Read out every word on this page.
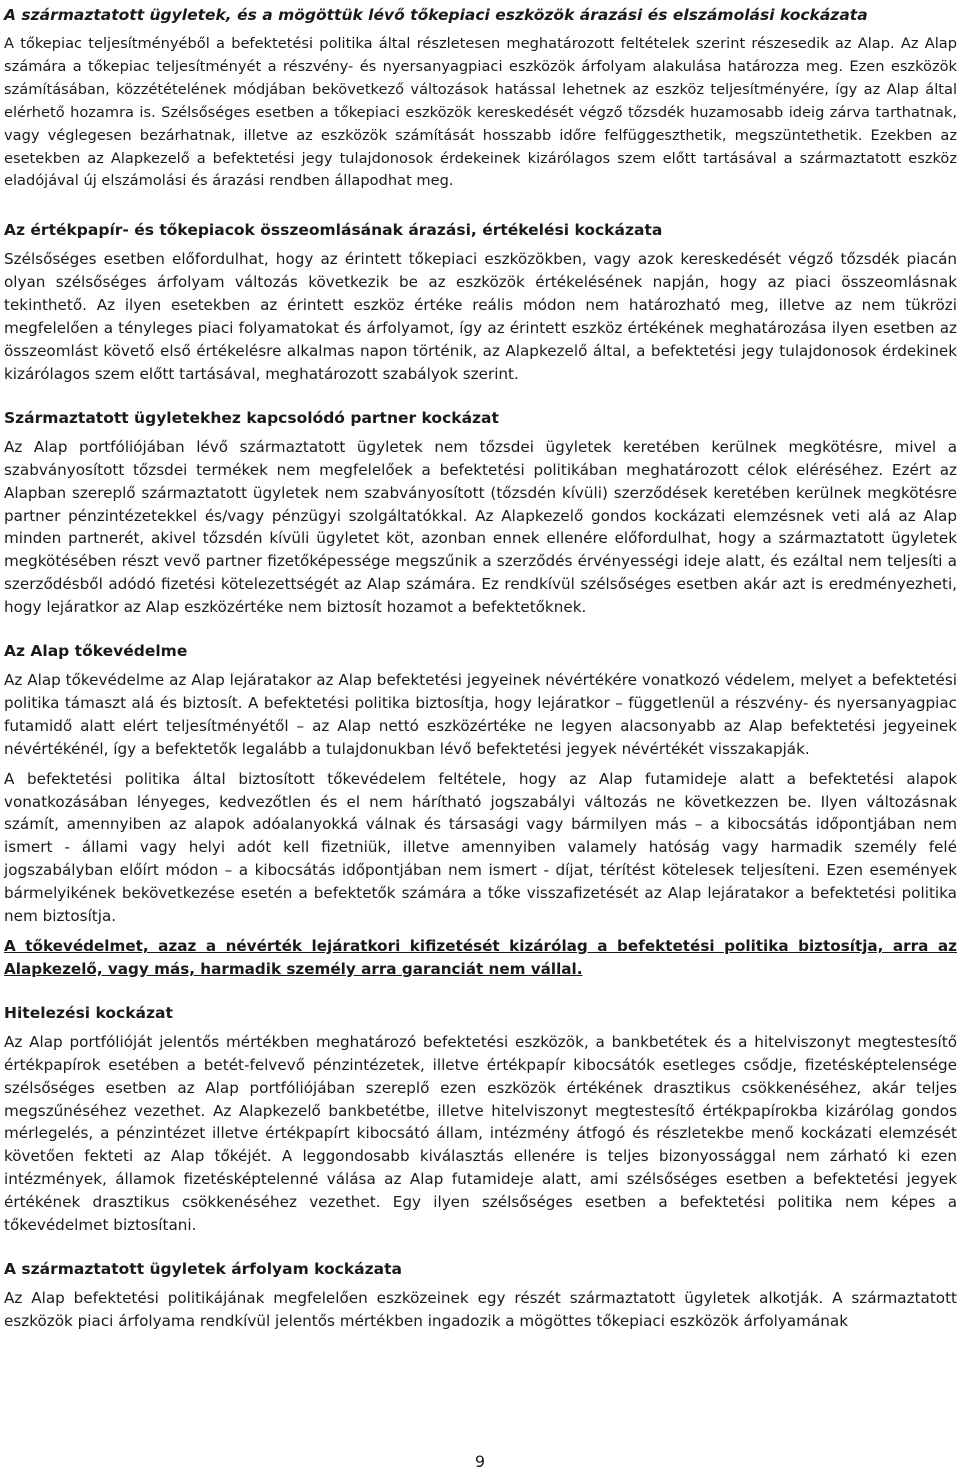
A származtatott ügyletek, és a mögöttük lévő tőkepiaci eszközök árazási és elszámolási kockázata

A tőkepiac teljesítményéből a befektetési politika által részletesen meghatározott feltételek szerint részesedik az Alap. Az Alap számára a tőkepiac teljesítményét a részvény- és nyersanyagpiaci eszközök árfolyam alakulása határozza meg. Ezen eszközök számításában, közzétételének módjában bekövetkező változások hatással lehetnek az eszköz teljesítményére, így az Alap által elérhető hozamra is. Szélsőséges esetben a tőkepiaci eszközök kereskedését végző tőzsdék huzamosabb ideig zárva tarthatnak, vagy véglegesen bezárhatnak, illetve az eszközök számítását hosszabb időre felfüggeszthetik, megszüntethetik. Ezekben az esetekben az Alapkezelő a befektetési jegy tulajdonosok érdekeinek kizárólagos szem előtt tartásával a származtatott eszköz eladójával új elszámolási és árazási rendben állapodhat meg.

Az értékpapír- és tőkepiacok összeomlásának árazási, értékelési kockázata

Szélsőséges esetben előfordulhat, hogy az érintett tőkepiaci eszközökben, vagy azok kereskedését végző tőzsdék piacán olyan szélsőséges árfolyam változás következik be az eszközök értékelésének napján, hogy az piaci összeomlásnak tekinthető. Az ilyen esetekben az érintett eszköz értéke reális módon nem határozható meg, illetve az nem tükrözi megfelelően a tényleges piaci folyamatokat és árfolyamot, így az érintett eszköz értékének meghatározása ilyen esetben az összeomlást követő első értékelésre alkalmas napon történik, az Alapkezelő által, a befektetési jegy tulajdonosok érdekinek kizárólagos szem előtt tartásával, meghatározott szabályok szerint.

Származtatott ügyletekhez kapcsolódó partner kockázat

Az Alap portfóliójában lévő származtatott ügyletek nem tőzsdei ügyletek keretében kerülnek megkötésre, mivel a szabványosított tőzsdei termékek nem megfelelőek a befektetési politikában meghatározott célok eléréséhez. Ezért az Alapban szereplő származtatott ügyletek nem szabványosított (tőzsdén kívüli) szerződések keretében kerülnek megkötésre partner pénzintézetekkel és/vagy pénzügyi szolgáltatókkal. Az Alapkezelő gondos kockázati elemzésnek veti alá az Alap minden partnerét, akivel tőzsdén kívüli ügyletet köt, azonban ennek ellenére előfordulhat, hogy a származtatott ügyletek megkötésében részt vevő partner fizetőképessége megszűnik a szerződés érvényességi ideje alatt, és ezáltal nem teljesíti a szerződésből adódó fizetési kötelezettségét az Alap számára. Ez rendkívül szélsőséges esetben akár azt is eredményezheti, hogy lejáratkor az Alap eszközértéke nem biztosít hozamot a befektetőknek.

Az Alap tőkevédelme

Az Alap tőkevédelme az Alap lejáratakor az Alap befektetési jegyeinek névértékére vonatkozó védelem, melyet a befektetési politika támaszt alá és biztosít. A befektetési politika biztosítja, hogy lejáratkor – függetlenül a részvény- és nyersanyagpiac futamidő alatt elért teljesítményétől – az Alap nettó eszközértéke ne legyen alacsonyabb az Alap befektetési jegyeinek névértékénél, így a befektetők legalább a tulajdonukban lévő befektetési jegyek névértékét visszakapják.

A befektetési politika által biztosított tőkevédelem feltétele, hogy az Alap futamideje alatt a befektetési alapok vonatkozásában lényeges, kedvezőtlen és el nem hárítható jogszabályi változás ne következzen be. Ilyen változásnak számít, amennyiben az alapok adóalanyokká válnak és társasági vagy bármilyen más – a kibocsátás időpontjában nem ismert - állami vagy helyi adót kell fizetniük, illetve amennyiben valamely hatóság vagy harmadik személy felé jogszabályban előírt módon – a kibocsátás időpontjában nem ismert - díjat, térítést kötelesek teljesíteni. Ezen események bármelyikének bekövetkezése esetén a befektetők számára a tőke visszafizetését az Alap lejáratakor a befektetési politika nem biztosítja.

A tőkevédelmet, azaz a névérték lejáratkori kifizetését kizárólag a befektetési politika biztosítja, arra az Alapkezelő, vagy más, harmadik személy arra garanciát nem vállal.

Hitelezési kockázat

Az Alap portfólióját jelentős mértékben meghatározó befektetési eszközök, a bankbetétek és a hitelviszonyt megtestesítő értékpapírok esetében a betét-felvevő pénzintézetek, illetve értékpapír kibocsátók esetleges csődje, fizetésképtelensége szélsőséges esetben az Alap portfóliójában szereplő ezen eszközök értékének drasztikus csökkenéséhez, akár teljes megszűnéséhez vezethet. Az Alapkezelő bankbetétbe, illetve hitelviszonyt megtestesítő értékpapírokba kizárólag gondos mérlegelés, a pénzintézet illetve értékpapírt kibocsátó állam, intézmény átfogó és részletekbe menő kockázati elemzését követően fekteti az Alap tőkéjét. A leggondosabb kiválasztás ellenére is teljes bizonyossággal nem zárható ki ezen intézmények, államok fizetésképtelenné válása az Alap futamideje alatt, ami szélsőséges esetben a befektetési jegyek értékének drasztikus csökkenéséhez vezethet. Egy ilyen szélsőséges esetben a befektetési politika nem képes a tőkevédelmet biztosítani.

A származtatott ügyletek árfolyam kockázata

Az Alap befektetési politikájának megfelelően eszközeinek egy részét származtatott ügyletek alkotják. A származtatott eszközök piaci árfolyama rendkívül jelentős mértékben ingadozik a mögöttes tőkepiaci eszközök árfolyamának

9
